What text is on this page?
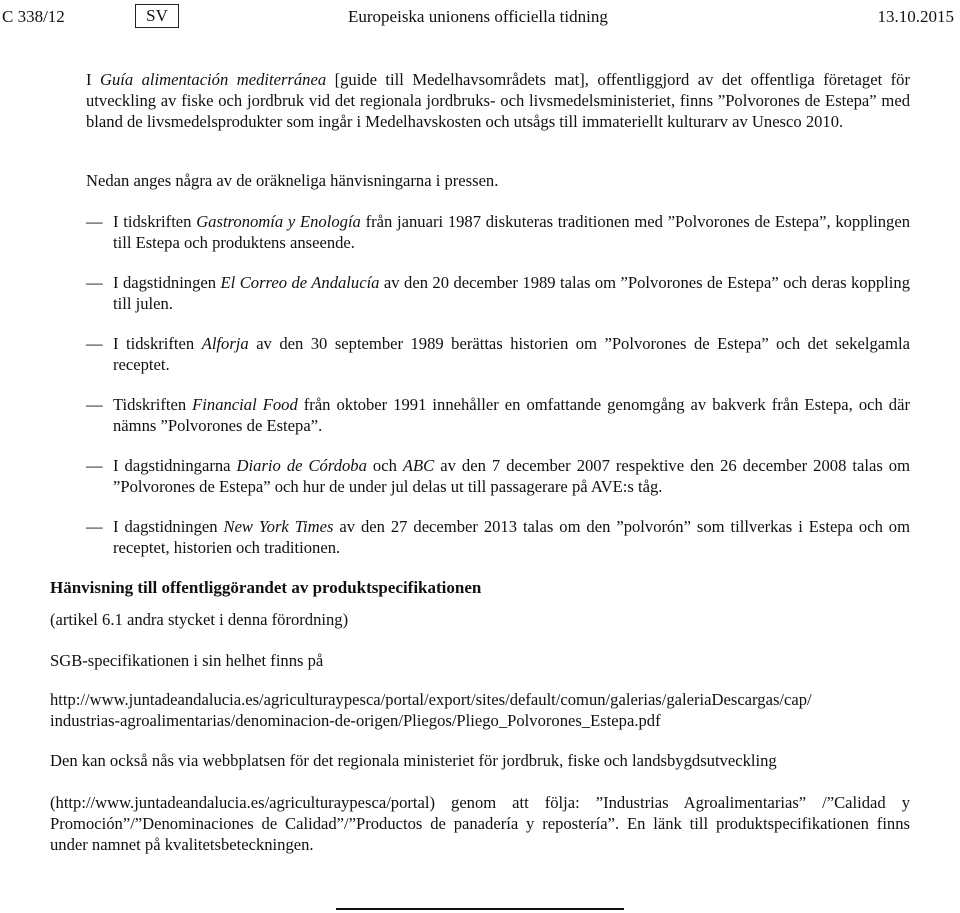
C 338/12	SV	Europeiska unionens officiella tidning	13.10.2015

I Guía alimentación mediterránea [guide till Medelhavsområdets mat], offentliggjord av det offentliga företaget för utveckling av fiske och jordbruk vid det regionala jordbruks- och livsmedelsministeriet, finns ”Polvorones de Estepa” med bland de livsmedelsprodukter som ingår i Medelhavskosten och utsågs till immateriellt kulturarv av Unesco 2010.

Nedan anges några av de oräkneliga hänvisningarna i pressen.

— I tidskriften Gastronomía y Enología från januari 1987 diskuteras traditionen med ”Polvorones de Estepa”, kopplingen till Estepa och produktens anseende.

— I dagstidningen El Correo de Andalucía av den 20 december 1989 talas om ”Polvorones de Estepa” och deras koppling till julen.

— I tidskriften Alforja av den 30 september 1989 berättas historien om ”Polvorones de Estepa” och det sekelgamla receptet.

— Tidskriften Financial Food från oktober 1991 innehåller en omfattande genomgång av bakverk från Estepa, och där nämns ”Polvorones de Estepa”.

— I dagstidningarna Diario de Córdoba och ABC av den 7 december 2007 respektive den 26 december 2008 talas om ”Polvorones de Estepa” och hur de under jul delas ut till passagerare på AVE:s tåg.

— I dagstidningen New York Times av den 27 december 2013 talas om den ”polvorón” som tillverkas i Estepa och om receptet, historien och traditionen.

Hänvisning till offentliggörandet av produktspecifikationen

(artikel 6.1 andra stycket i denna förordning)

SGB-specifikationen i sin helhet finns på

http://www.juntadeandalucia.es/agriculturaypesca/portal/export/sites/default/comun/galerias/galeriaDescargas/cap/
industrias-agroalimentarias/denominacion-de-origen/Pliegos/Pliego_Polvorones_Estepa.pdf

Den kan också nås via webbplatsen för det regionala ministeriet för jordbruk, fiske och landsbygdsutveckling

(http://www.juntadeandalucia.es/agriculturaypesca/portal) genom att följa: ”Industrias Agroalimentarias” /”Calidad y Promoción”/”Denominaciones de Calidad”/”Productos de panadería y repostería”. En länk till produktspecifikationen finns under namnet på kvalitetsbeteckningen.
